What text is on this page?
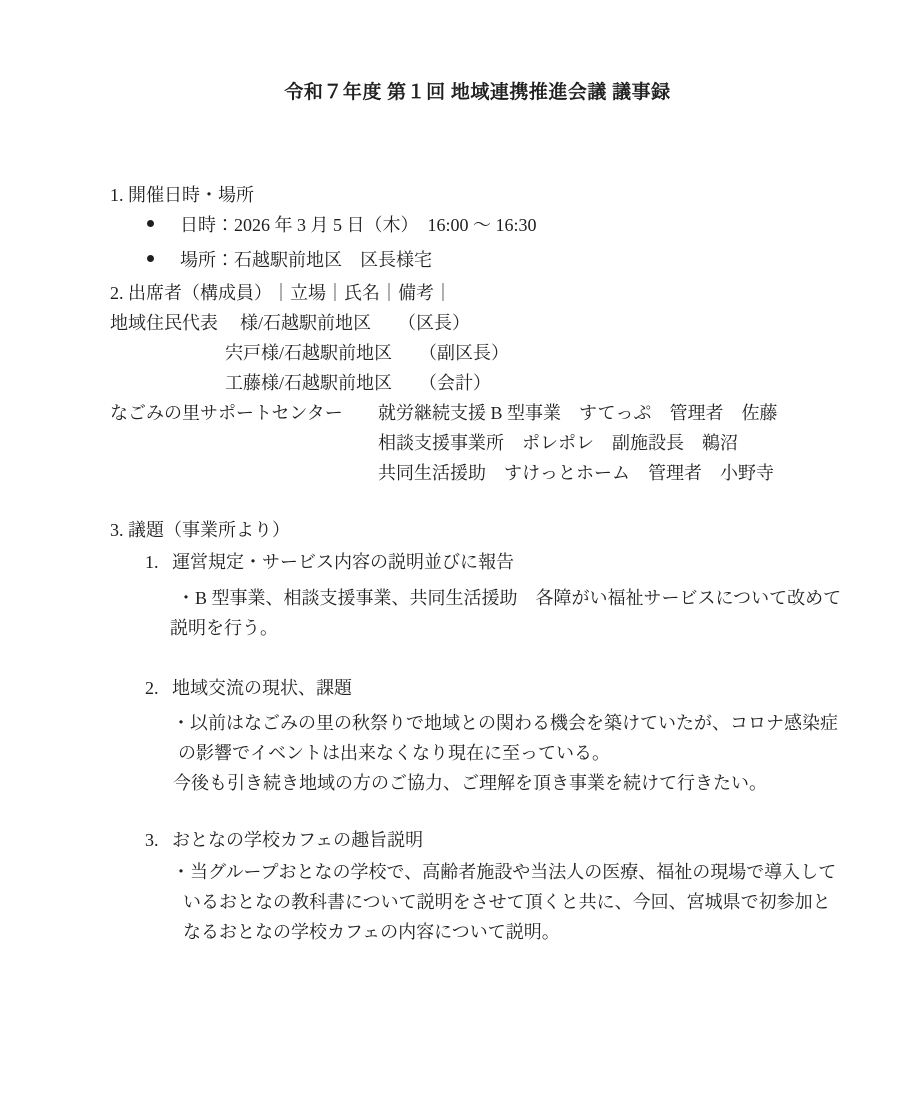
令和７年度 第１回 地域連携推進会議 議事録
1. 開催日時・場所
日時： 2026 年 3 月 5 日（木）　16:00 ～ 16:30
場所： 石越駅前地区　区長様宅
2. 出席者（構成員）｜立場｜氏名｜備考｜
地域住民代表	様/石越駅前地区　　（区長）
宍戸様/石越駅前地区　　（副区長）
工藤様/石越駅前地区　　（会計）
なごみの里サポートセンター	就労継続支援 B 型事業　すてっぷ　管理者　佐藤
相談支援事業所　ポレポレ　副施設長　鵜沼
共同生活援助　すけっとホーム　管理者　小野寺
3. 議題（事業所より）
1. 運営規定・サービス内容の説明並びに報告
・B 型事業、相談支援事業、共同生活援助　各障がい福祉サービスについて改めて
説明を行う。
2. 地域交流の現状、課題
・以前はなごみの里の秋祭りで地域との関わる機会を築けていたが、コロナ感染症
の影響でイベントは出来なくなり現在に至っている。
今後も引き続き地域の方のご協力、ご理解を頂き事業を続けて行きたい。
3. おとなの学校カフェの趣旨説明
・当グループおとなの学校で、高齢者施設や当法人の医療、福祉の現場で導入して
いるおとなの教科書について説明をさせて頂くと共に、今回、宮城県で初参加と
なるおとなの学校カフェの内容について説明。
